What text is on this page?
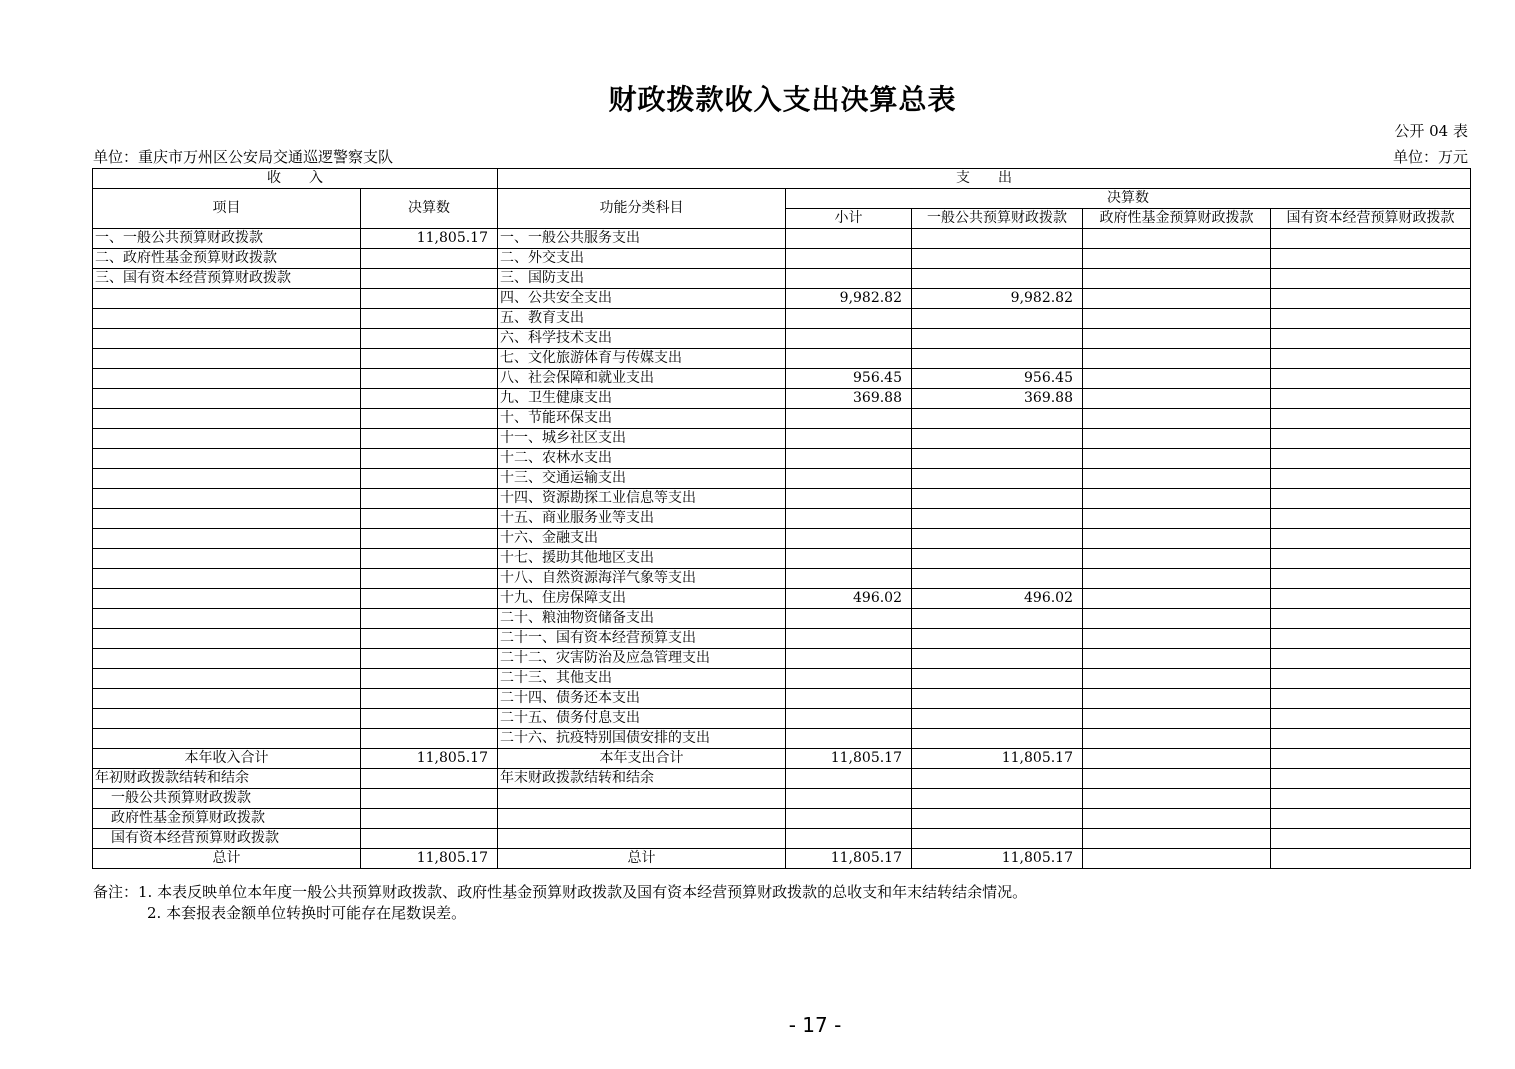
财政拨款收入支出决算总表
公开 04 表
单位：重庆市万州区公安局交通巡逻警察支队	单位：万元
收　　入		支　　出				
项目	决算数	功能分类科目	决算数			
			小计	一般公共预算财政拨款	政府性基金预算财政拨款	国有资本经营预算财政拨款
一、一般公共预算财政拨款	11,805.17	一、一般公共服务支出				
二、政府性基金预算财政拨款		二、外交支出				
三、国有资本经营预算财政拨款		三、国防支出				
		四、公共安全支出	9,982.82	9,982.82		
		五、教育支出				
		六、科学技术支出				
		七、文化旅游体育与传媒支出				
		八、社会保障和就业支出	956.45	956.45		
		九、卫生健康支出	369.88	369.88		
		十、节能环保支出				
		十一、城乡社区支出				
		十二、农林水支出				
		十三、交通运输支出				
		十四、资源勘探工业信息等支出				
		十五、商业服务业等支出				
		十六、金融支出				
		十七、援助其他地区支出				
		十八、自然资源海洋气象等支出				
		十九、住房保障支出	496.02	496.02		
		二十、粮油物资储备支出				
		二十一、国有资本经营预算支出				
		二十二、灾害防治及应急管理支出				
		二十三、其他支出				
		二十四、债务还本支出				
		二十五、债务付息支出				
		二十六、抗疫特别国债安排的支出				
本年收入合计	11,805.17	本年支出合计	11,805.17	11,805.17		
年初财政拨款结转和结余		年末财政拨款结转和结余				
一般公共预算财政拨款						
政府性基金预算财政拨款						
国有资本经营预算财政拨款						
总计	11,805.17	总计	11,805.17	11,805.17		
备注：1. 本表反映单位本年度一般公共预算财政拨款、政府性基金预算财政拨款及国有资本经营预算财政拨款的总收支和年末结转结余情况。
2. 本套报表金额单位转换时可能存在尾数误差。
- 17 -
